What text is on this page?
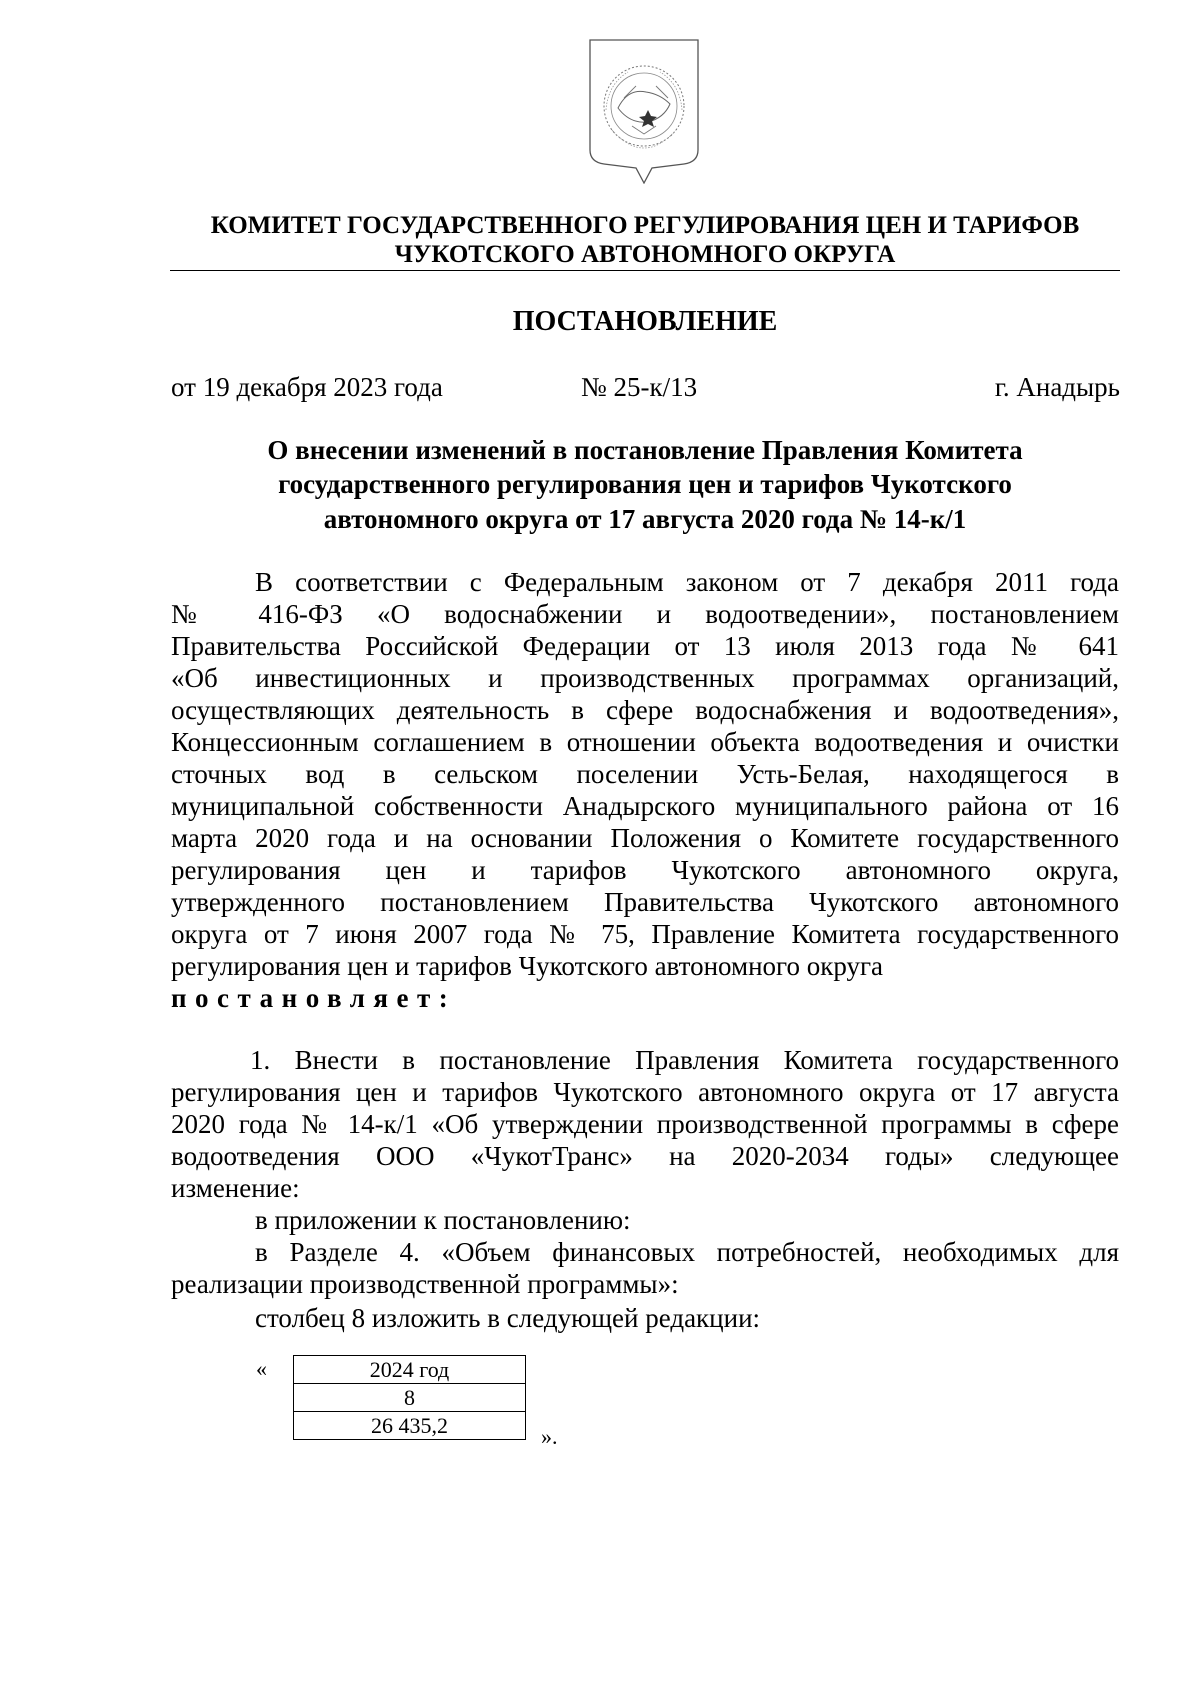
КОМИТЕТ ГОСУДАРСТВЕННОГО РЕГУЛИРОВАНИЯ ЦЕН И ТАРИФОВ
ЧУКОТСКОГО АВТОНОМНОГО ОКРУГА
ПОСТАНОВЛЕНИЕ
от 19 декабря 2023 года	№ 25-к/13	г. Анадырь
О внесении изменений в постановление Правления Комитета
государственного регулирования цен и тарифов Чукотского
автономного округа от 17 августа 2020 года № 14-к/1
В соответствии с Федеральным законом от 7 декабря 2011 года
№ 416-ФЗ «О водоснабжении и водоотведении», постановлением
Правительства Российской Федерации от 13 июля 2013 года № 641
«Об инвестиционных и производственных программах организаций,
осуществляющих деятельность в сфере водоснабжения и водоотведения»,
Концессионным соглашением в отношении объекта водоотведения и очистки
сточных вод в сельском поселении Усть-Белая, находящегося в
муниципальной собственности Анадырского муниципального района от 16
марта 2020 года и на основании Положения о Комитете государственного
регулирования цен и тарифов Чукотского автономного округа,
утвержденного постановлением Правительства Чукотского автономного
округа от 7 июня 2007 года № 75, Правление Комитета государственного
регулирования цен и тарифов Чукотского автономного округа
постановляет:
1. Внести в постановление Правления Комитета государственного
регулирования цен и тарифов Чукотского автономного округа от 17 августа
2020 года № 14-к/1 «Об утверждении производственной программы в сфере
водоотведения ООО «ЧукотТранс» на 2020-2034 годы» следующее
изменение:
в приложении к постановлению:
в Разделе 4. «Объем финансовых потребностей, необходимых для
реализации производственной программы»:
столбец 8 изложить в следующей редакции:
«	2024 год
8
26 435,2	».
